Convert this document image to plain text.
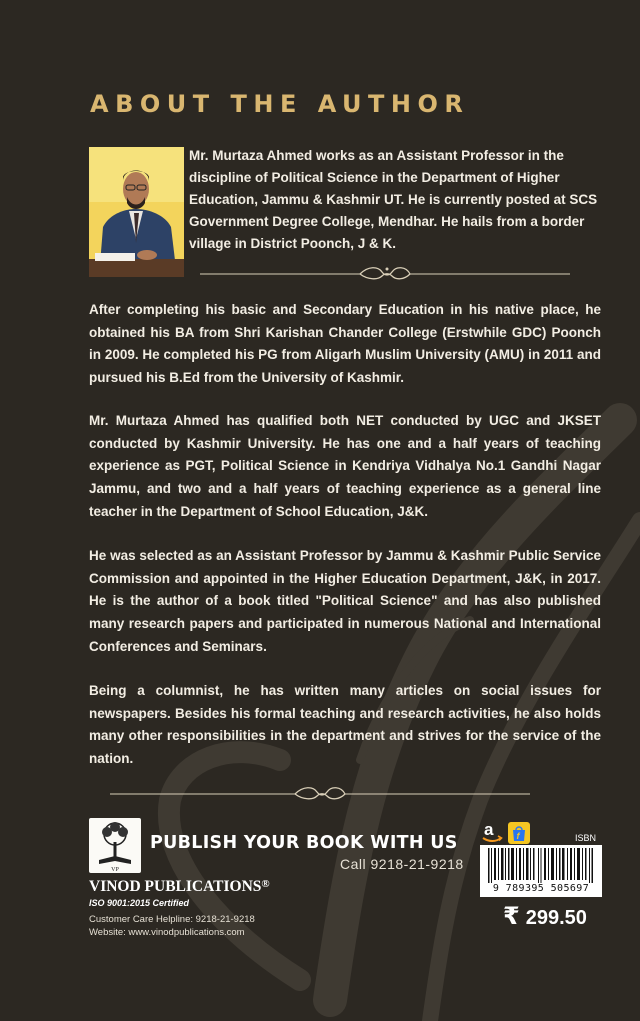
ABOUT THE AUTHOR
Mr. Murtaza Ahmed works as an Assistant Professor in the discipline of Political Science in the Department of Higher Education, Jammu & Kashmir UT. He is currently posted at SCS Government Degree College, Mendhar. He hails from a border village in District Poonch, J & K.
After completing his basic and Secondary Education in his native place, he obtained his BA from Shri Karishan Chander College (Erstwhile GDC) Poonch in 2009. He completed his PG from Aligarh Muslim University (AMU) in 2011 and pursued his B.Ed from the University of Kashmir.
Mr. Murtaza Ahmed has qualified both NET conducted by UGC and JKSET conducted by Kashmir University. He has one and a half years of teaching experience as PGT, Political Science in Kendriya Vidhalya No.1 Gandhi Nagar Jammu, and two and a half years of teaching experience as a general line teacher in the Department of School Education, J&K.
He was selected as an Assistant Professor by Jammu & Kashmir Public Service Commission and appointed in the Higher Education Department, J&K, in 2017. He is the author of a book titled "Political Science" and has also published many research papers and participated in numerous National and International Conferences and Seminars.
Being a columnist, he has written many articles on social issues for newspapers. Besides his formal teaching and research activities, he also holds many other responsibilities in the department and strives for the service of the nation.
VP
PUBLISH YOUR BOOK WITH US
Call 9218-21-9218
VINOD PUBLICATIONS®
ISO 9001:2015 Certified
Customer Care Helpline: 9218-21-9218
Website: www.vinodpublications.com
a	f	ISBN
9 789395 505697
₹ 299.50
